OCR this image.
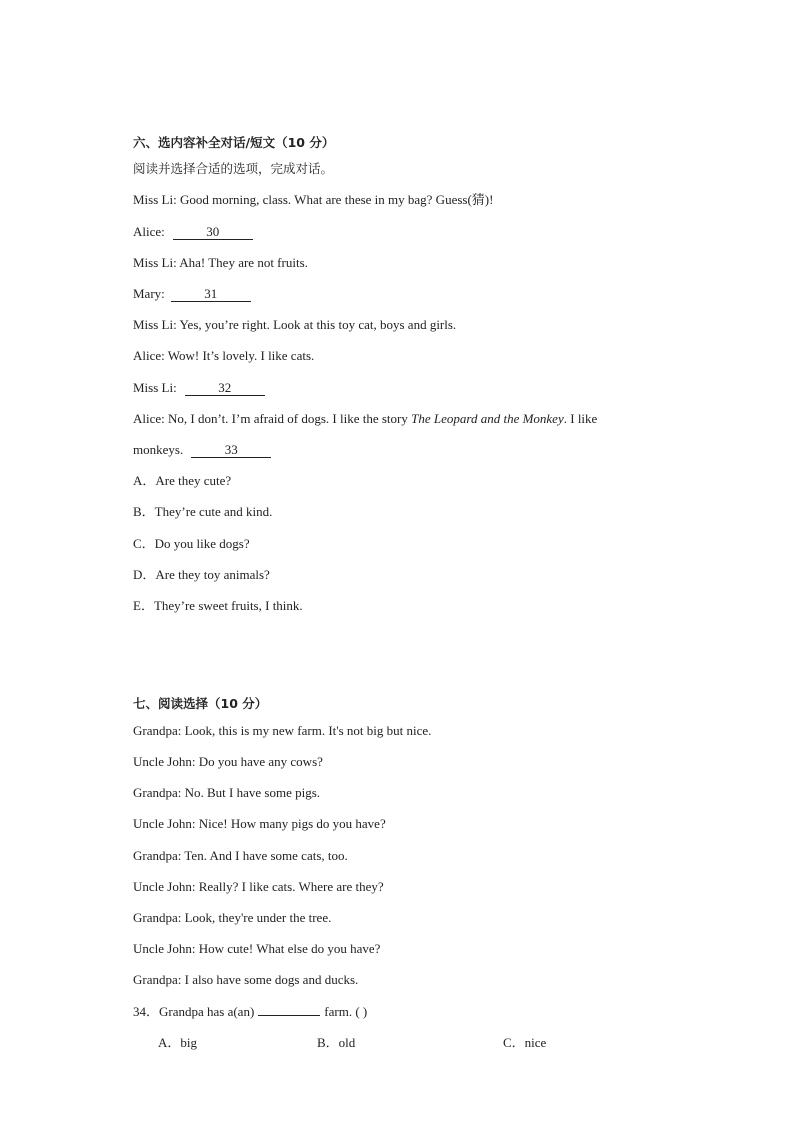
六、选内容补全对话/短文（10 分）
阅读并选择合适的选项，完成对话。
Miss Li: Good morning, class. What are these in my bag? Guess(猜)!
Alice:	30
Miss Li: Aha! They are not fruits.
Mary:	31
Miss Li: Yes, you’re right. Look at this toy cat, boys and girls.
Alice: Wow! It’s lovely. I like cats.
Miss Li:	32
Alice: No, I don’t. I’m afraid of dogs. I like the story The Leopard and the Monkey. I like
monkeys.	33
A．Are they cute?
B．They’re cute and kind.
C．Do you like dogs?
D．Are they toy animals?
E．They’re sweet fruits, I think.
七、阅读选择（10 分）
Grandpa: Look, this is my new farm. It's not big but nice.
Uncle John: Do you have any cows?
Grandpa: No. But I have some pigs.
Uncle John: Nice! How many pigs do you have?
Grandpa: Ten. And I have some cats, too.
Uncle John: Really? I like cats. Where are they?
Grandpa: Look, they're under the tree.
Uncle John: How cute! What else do you have?
Grandpa: I also have some dogs and ducks.
34．Grandpa has a(an)	farm. ( )
A．big	B．old	C．nice
